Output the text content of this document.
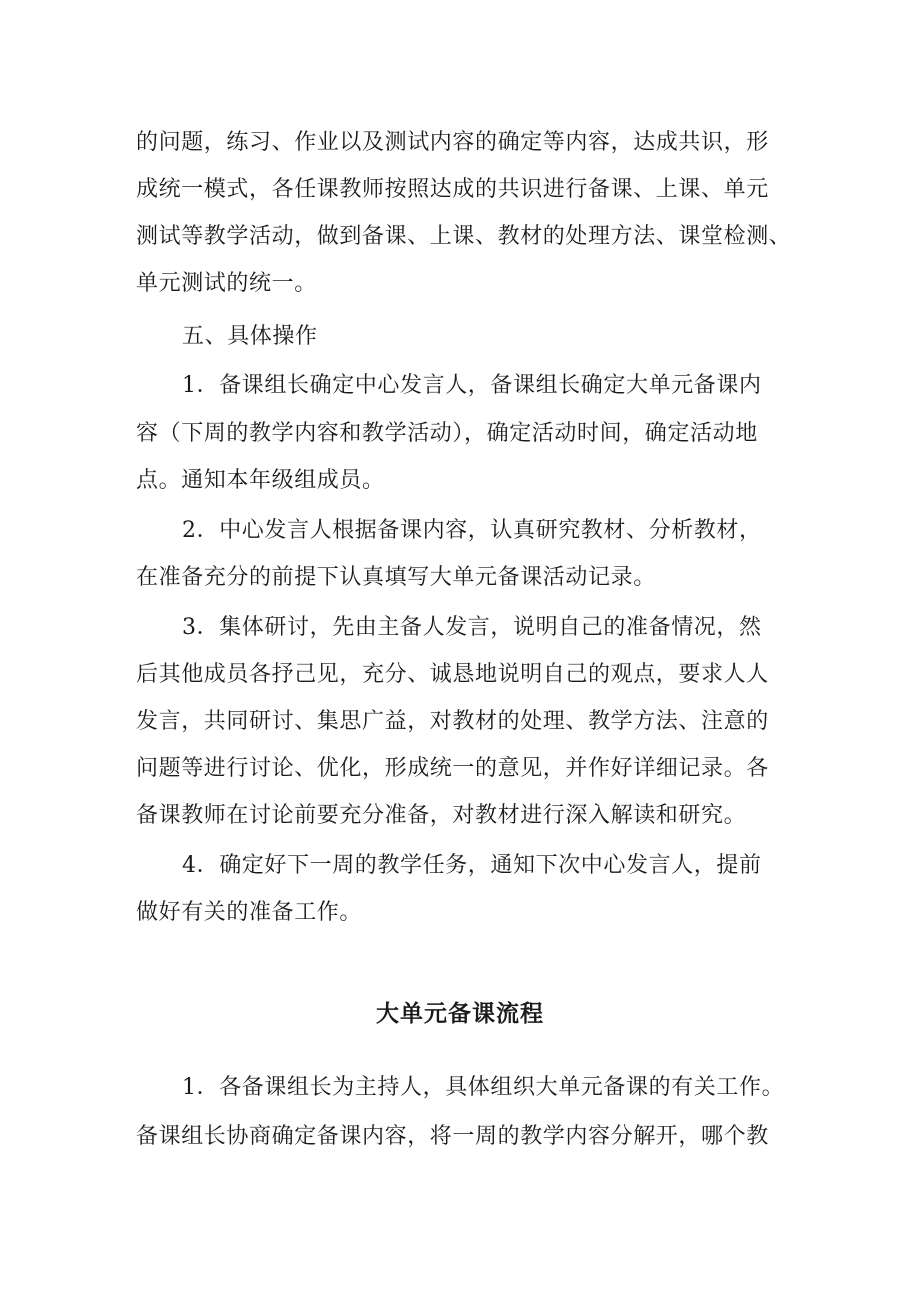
的问题，练习、作业以及测试内容的确定等内容，达成共识，形
成统一模式，各任课教师按照达成的共识进行备课、上课、单元
测试等教学活动，做到备课、上课、教材的处理方法、课堂检测、
单元测试的统一。
五、具体操作
1．备课组长确定中心发言人，备课组长确定大单元备课内
容（下周的教学内容和教学活动），确定活动时间，确定活动地
点。通知本年级组成员。
2．中心发言人根据备课内容，认真研究教材、分析教材，
在准备充分的前提下认真填写大单元备课活动记录。
3．集体研讨，先由主备人发言，说明自己的准备情况，然
后其他成员各抒己见，充分、诚恳地说明自己的观点，要求人人
发言，共同研讨、集思广益，对教材的处理、教学方法、注意的
问题等进行讨论、优化，形成统一的意见，并作好详细记录。各
备课教师在讨论前要充分准备，对教材进行深入解读和研究。
4．确定好下一周的教学任务，通知下次中心发言人，提前
做好有关的准备工作。
大单元备课流程
1．各备课组长为主持人，具体组织大单元备课的有关工作。
备课组长协商确定备课内容，将一周的教学内容分解开，哪个教
